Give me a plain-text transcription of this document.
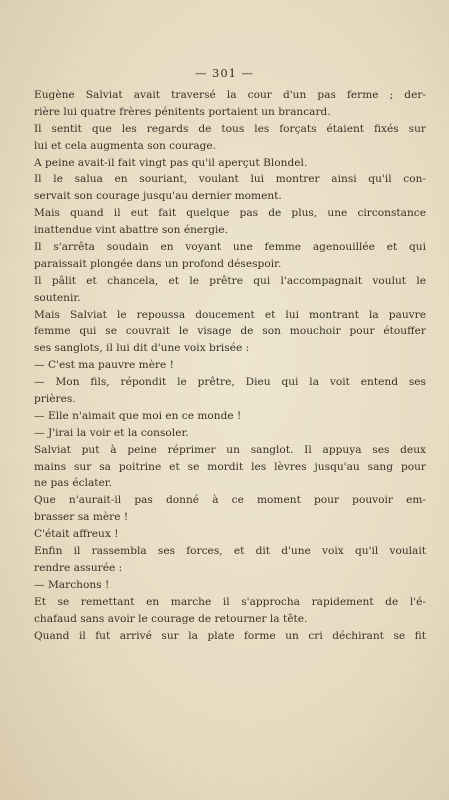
— 301 —
Eugène Salviat avait traversé la cour d'un pas ferme ; der-
rière lui quatre frères pénitents portaient un brancard.
Il sentit que les regards de tous les forçats étaient fixés sur
lui et cela augmenta son courage.
A peine avait-il fait vingt pas qu'il aperçut Blondel.
Il le salua en souriant, voulant lui montrer ainsi qu'il con-
servait son courage jusqu'au dernier moment.
Mais quand il eut fait quelque pas de plus, une circonstance
inattendue vint abattre son énergie.
Il s'arrêta soudain en voyant une femme agenouillée et qui
paraissait plongée dans un profond désespoir.
Il pâlit et chancela, et le prêtre qui l'accompagnait voulut le
soutenir.
Mais Salviat le repoussa doucement et lui montrant la pauvre
femme qui se couvrait le visage de son mouchoir pour étouffer
ses sanglots, il lui dit d'une voix brisée :
— C'est ma pauvre mère !
— Mon fils, répondit le prêtre, Dieu qui la voit entend ses
prières.
— Elle n'aimait que moi en ce monde !
— J'irai la voir et la consoler.
Salviat put à peine réprimer un sanglot. Il appuya ses deux
mains sur sa poitrine et se mordit les lèvres jusqu'au sang pour
ne pas éclater.
Que n'aurait-il pas donné à ce moment pour pouvoir em-
brasser sa mère !
C'était affreux !
Enfin il rassembla ses forces, et dit d'une voix qu'il voulait
rendre assurée :
— Marchons !
Et se remettant en marche il s'approcha rapidement de l'é-
chafaud sans avoir le courage de retourner la tête.
Quand il fut arrivé sur la plate forme un cri déchirant se fit
